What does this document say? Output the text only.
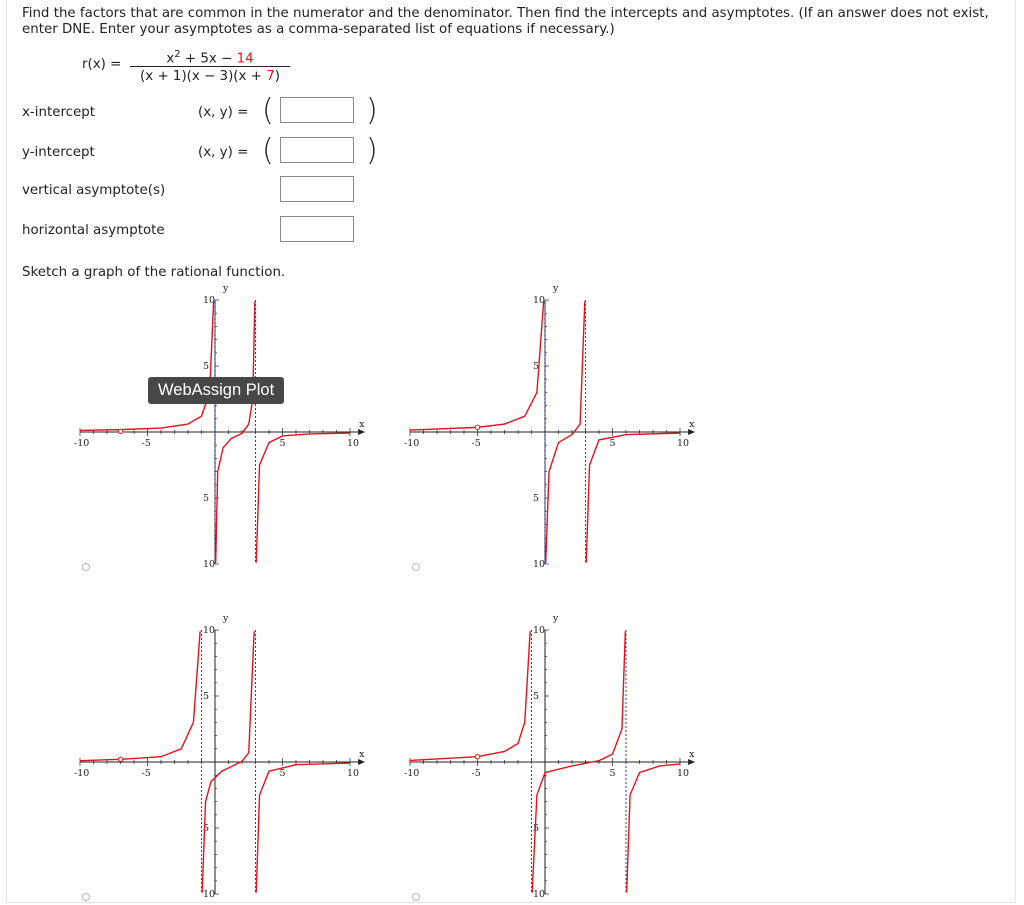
Find the factors that are common in the numerator and the denominator. Then find the intercepts and asymptotes. (If an answer does not exist, enter DNE. Enter your asymptotes as a comma-separated list of equations if necessary.)
r(x) =	$x^2 + 5x - 14$
(x + 1)(x − 3)(x + 7)
x-intercept	(x, y) = (	)
y-intercept	(x, y) = (	)
vertical asymptote(s)
horizontal asymptote
Sketch a graph of the rational function.
-10	-5	5	10
10
5
5
10
x
y
-10	-5	5	10
10
5
5
10
x
y
-10	-5	5	10
10
5
5
10
x
y
-10	-5	5	10
10
5
5
10
x
y
WebAssign Plot
